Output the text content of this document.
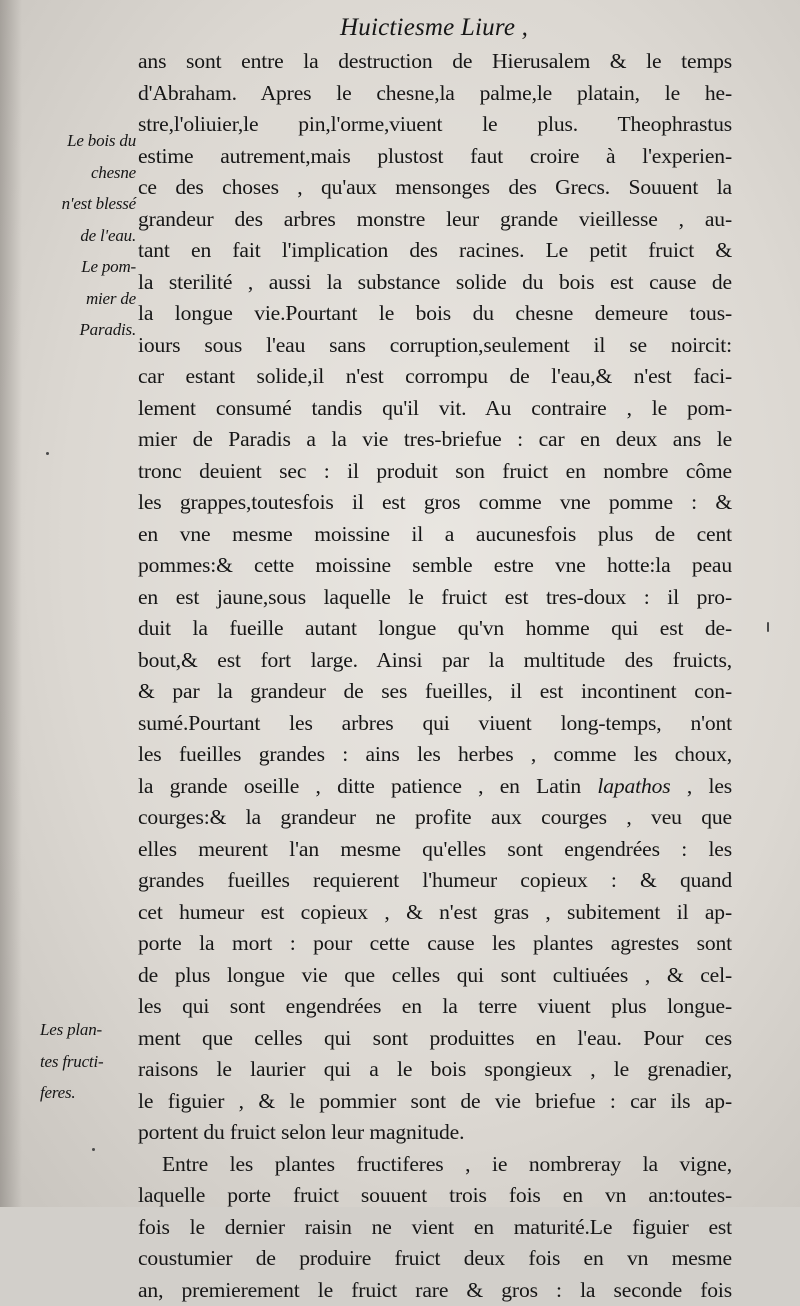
Huictiesme Liure ,
Le bois du
chesne
n'est blessé
de l'eau.
Le pom-
mier de
Paradis.
Les plan-
tes fructi-
feres.
ans sont entre la destruction de Hierusalem & le temps
d'Abraham. Apres le chesne,la palme,le platain, le he-
stre,l'oliuier,le pin,l'orme,viuent le plus. Theophrastus
estime autrement,mais plustost faut croire à l'experien-
ce des choses , qu'aux mensonges des Grecs. Souuent la
grandeur des arbres monstre leur grande vieillesse , au-
tant en fait l'implication des racines. Le petit fruict &
la sterilité , aussi la substance solide du bois est cause de
la longue vie.Pourtant le bois du chesne demeure tous-
iours sous l'eau sans corruption,seulement il se noircit:
car estant solide,il n'est corrompu de l'eau,& n'est faci-
lement consumé tandis qu'il vit. Au contraire , le pom-
mier de Paradis a la vie tres-briefue : car en deux ans le
tronc deuient sec : il produit son fruict en nombre côme
les grappes,toutesfois il est gros comme vne pomme : &
en vne mesme moissine il a aucunesfois plus de cent
pommes:& cette moissine semble estre vne hotte:la peau
en est jaune,sous laquelle le fruict est tres-doux : il pro-
duit la fueille autant longue qu'vn homme qui est de-
bout,& est fort large. Ainsi par la multitude des fruicts,
& par la grandeur de ses fueilles, il est incontinent con-
sumé.Pourtant les arbres qui viuent long-temps, n'ont
les fueilles grandes : ains les herbes , comme les choux,
la grande oseille , ditte patience , en Latin lapathos , les
courges:& la grandeur ne profite aux courges , veu que
elles meurent l'an mesme qu'elles sont engendrées : les
grandes fueilles requierent l'humeur copieux : & quand
cet humeur est copieux , & n'est gras , subitement il ap-
porte la mort : pour cette cause les plantes agrestes sont
de plus longue vie que celles qui sont cultiuées , & cel-
les qui sont engendrées en la terre viuent plus longue-
ment que celles qui sont produittes en l'eau. Pour ces
raisons le laurier qui a le bois spongieux , le grenadier,
le figuier , & le pommier sont de vie briefue : car ils ap-
portent du fruict selon leur magnitude.
Entre les plantes fructiferes , ie nombreray la vigne,
laquelle porte fruict souuent trois fois en vn an:toutes-
fois le dernier raisin ne vient en maturité.Le figuier est
coustumier de produire fruict deux fois en vn mesme
an, premierement le fruict rare & gros : la seconde fois
